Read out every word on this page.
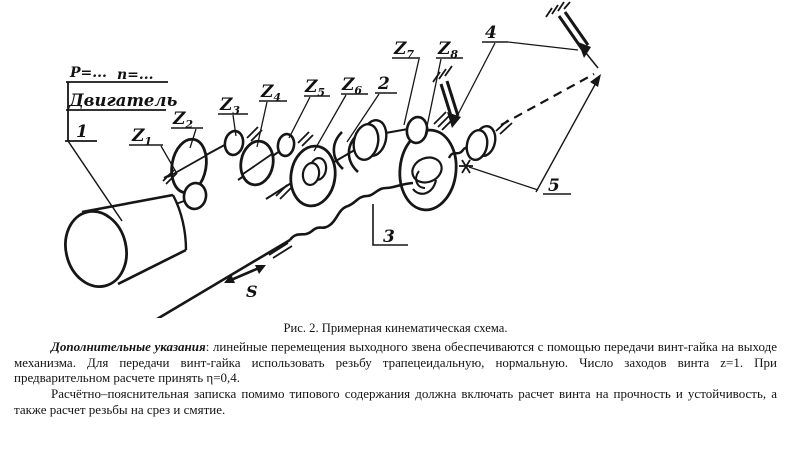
P=... n=...
Двигатель
1
S
2
3
4
5
$Z_1$
$Z_2$
$Z_3$
$Z_4$
$Z_5$ $Z_6$
$Z_7$ $Z_8$

Рис. 2. Примерная кинематическая схема.

Дополнительные указания: линейные перемещения выходного звена обеспечиваются с помощью передачи винт-гайка на выходе механизма. Для передачи винт-гайка использовать резьбу трапецеидальную, нормальную. Число заходов винта z=1. При предварительном расчете принять η=0,4.

Расчётно–пояснительная записка помимо типового содержания должна включать расчет винта на прочность и устойчивость, а также расчет резьбы на срез и смятие.
